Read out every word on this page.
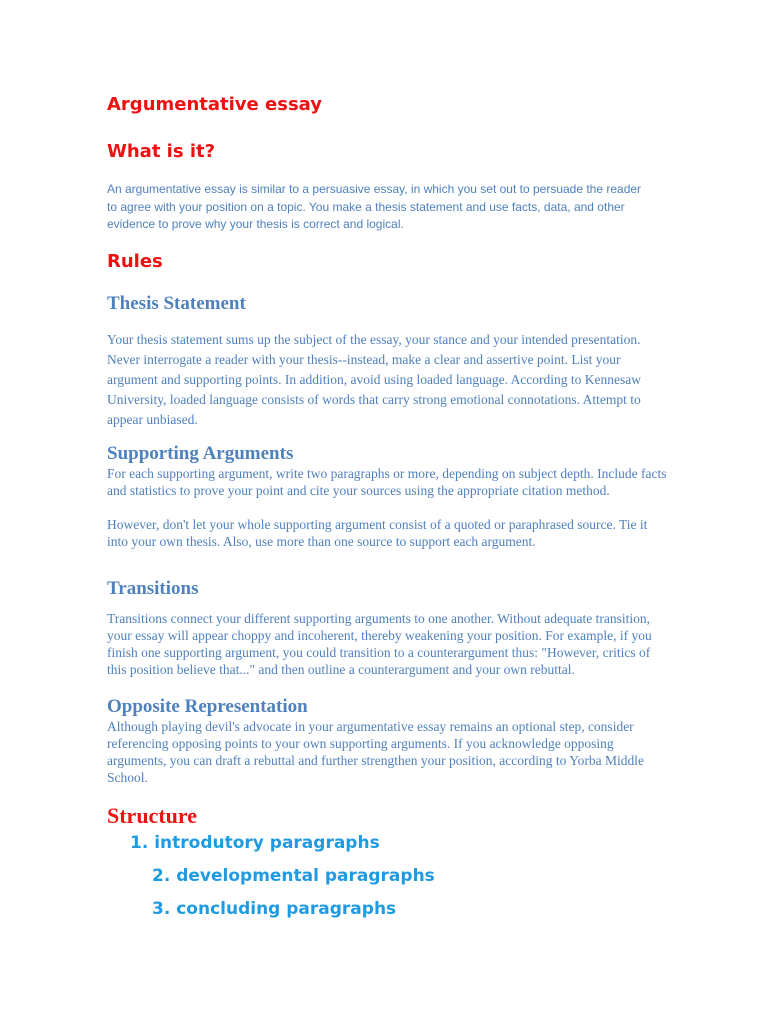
Argumentative essay
What is it?

An argumentative essay is similar to a persuasive essay, in which you set out to persuade the reader to agree with your position on a topic. You make a thesis statement and use facts, data, and other evidence to prove why your thesis is correct and logical.

Rules
Thesis Statement

Your thesis statement sums up the subject of the essay, your stance and your intended presentation. Never interrogate a reader with your thesis--instead, make a clear and assertive point. List your argument and supporting points. In addition, avoid using loaded language. According to Kennesaw University, loaded language consists of words that carry strong emotional connotations. Attempt to appear unbiased.

Supporting Arguments

For each supporting argument, write two paragraphs or more, depending on subject depth. Include facts and statistics to prove your point and cite your sources using the appropriate citation method.

However, don't let your whole supporting argument consist of a quoted or paraphrased source. Tie it into your own thesis. Also, use more than one source to support each argument.

Transitions

Transitions connect your different supporting arguments to one another. Without adequate transition, your essay will appear choppy and incoherent, thereby weakening your position. For example, if you finish one supporting argument, you could transition to a counterargument thus: "However, critics of this position believe that..." and then outline a counterargument and your own rebuttal.

Opposite Representation

Although playing devil's advocate in your argumentative essay remains an optional step, consider referencing opposing points to your own supporting arguments. If you acknowledge opposing arguments, you can draft a rebuttal and further strengthen your position, according to Yorba Middle School.

Structure
1. introdutory paragraphs
2. developmental paragraphs
3. concluding paragraphs
